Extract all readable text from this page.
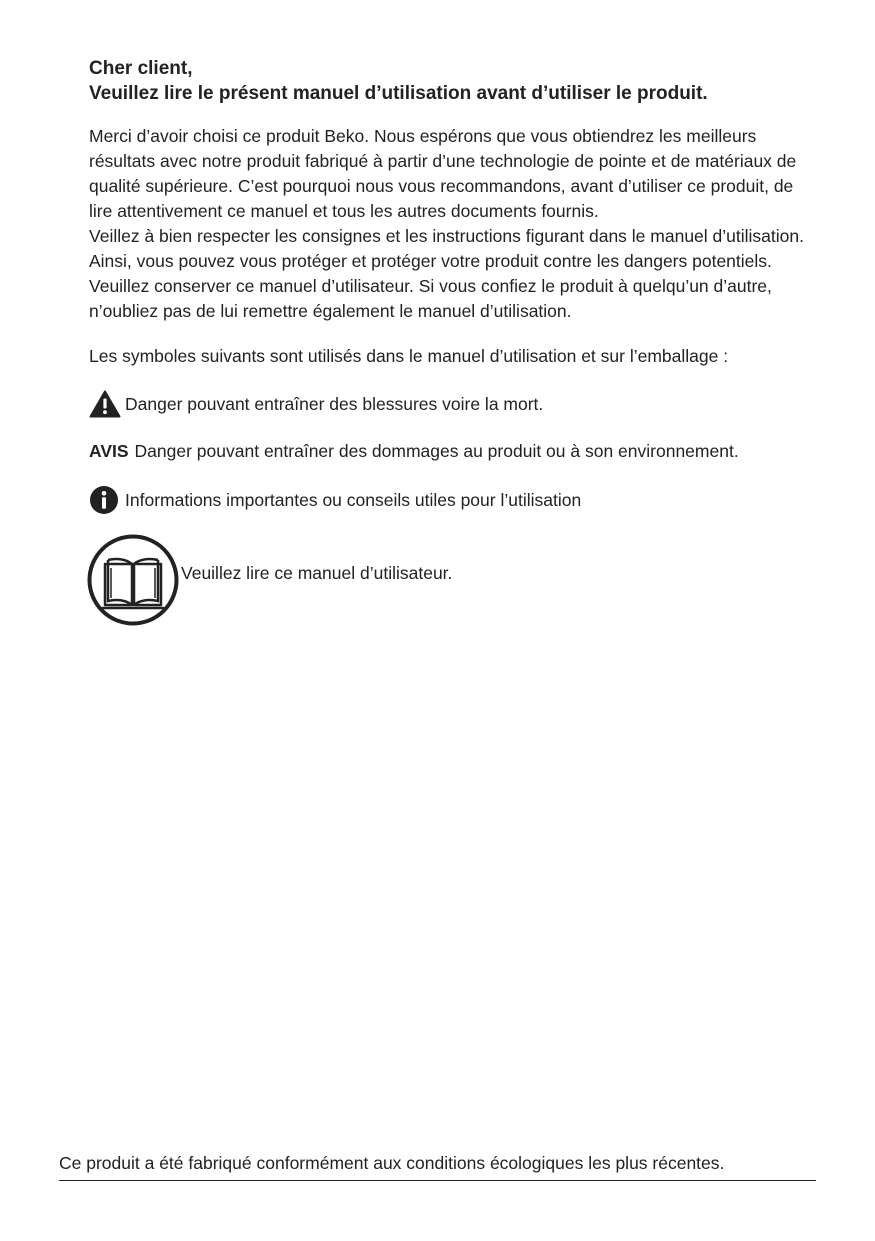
Cher client,

Veuillez lire le présent manuel d’utilisation avant d’utiliser le produit.

Merci d’avoir choisi ce produit Beko. Nous espérons que vous obtiendrez les meilleurs résultats avec notre produit fabriqué à partir d’une technologie de pointe et de matériaux de qualité supérieure. C’est pourquoi nous vous recommandons, avant d’utiliser ce produit, de lire attentivement ce manuel et tous les autres documents fournis.

Veillez à bien respecter les consignes et les instructions figurant dans le manuel d’utilisation. Ainsi, vous pouvez vous protéger et protéger votre produit contre les dangers potentiels.

Veuillez conserver ce manuel d’utilisateur. Si vous confiez le produit à quelqu’un d’autre, n’oubliez pas de lui remettre également le manuel d’utilisation.

Les symboles suivants sont utilisés dans le manuel d’utilisation et sur l’emballage :
Danger pouvant entraîner des blessures voire la mort.
AVIS Danger pouvant entraîner des dommages au produit ou à son environnement.
Informations importantes ou conseils utiles pour l’utilisation
Veuillez lire ce manuel d’utilisateur.
Ce produit a été fabriqué conformément aux conditions écologiques les plus récentes.
